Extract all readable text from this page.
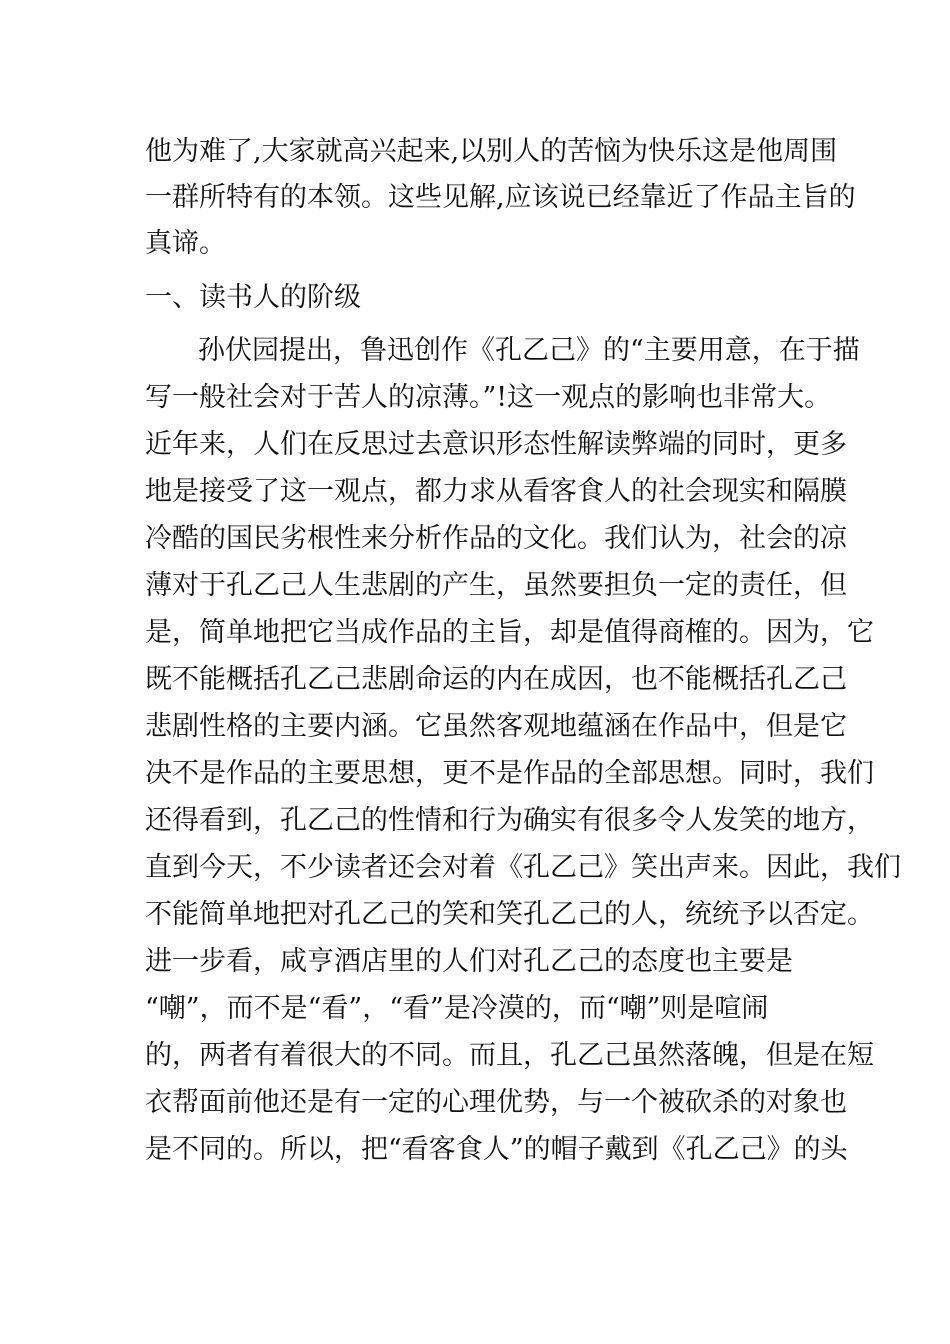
他为难了,大家就高兴起来,以别人的苦恼为快乐这是他周围

一群所特有的本领。这些见解,应该说已经靠近了作品主旨的

真谛。

一、读书人的阶级

孙伏园提出，鲁迅创作《孔乙己》的“主要用意，在于描

写一般社会对于苦人的凉薄。”!这一观点的影响也非常大。

近年来，人们在反思过去意识形态性解读弊端的同时，更多

地是接受了这一观点，都力求从看客食人的社会现实和隔膜

冷酷的国民劣根性来分析作品的文化。我们认为，社会的凉

薄对于孔乙己人生悲剧的产生，虽然要担负一定的责任，但

是，简单地把它当成作品的主旨，却是值得商榷的。因为，它

既不能概括孔乙己悲剧命运的内在成因，也不能概括孔乙己

悲剧性格的主要内涵。它虽然客观地蕴涵在作品中，但是它

决不是作品的主要思想，更不是作品的全部思想。同时，我们

还得看到，孔乙己的性情和行为确实有很多令人发笑的地方，

直到今天，不少读者还会对着《孔乙己》笑出声来。因此，我们

不能简单地把对孔乙己的笑和笑孔乙己的人，统统予以否定。

进一步看，咸亨酒店里的人们对孔乙己的态度也主要是

“嘲”，而不是“看”，“看”是冷漠的，而“嘲”则是喧闹

的，两者有着很大的不同。而且，孔乙己虽然落魄，但是在短

衣帮面前他还是有一定的心理优势，与一个被砍杀的对象也

是不同的。所以，把“看客食人”的帽子戴到《孔乙己》的头
